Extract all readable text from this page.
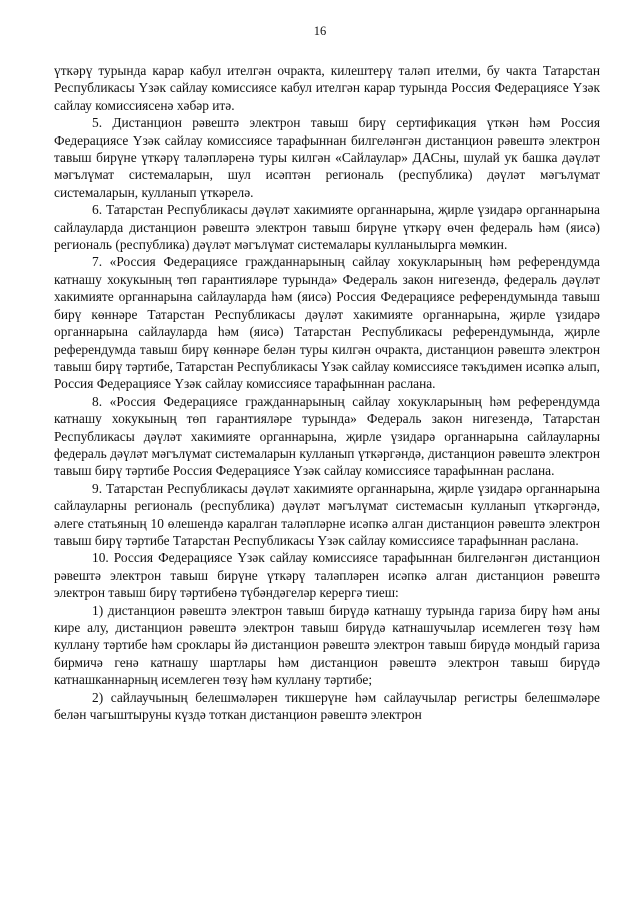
16

үткәрү турында карар кабул ителгән очракта, килештерү таләп ителми, бу чакта Татарстан Республикасы Үзәк сайлау комиссиясе кабул ителгән карар турында Россия Федерациясе Үзәк сайлау комиссиясенә хәбәр итә.

5. Дистанцион рәвештә электрон тавыш бирү сертификация үткән һәм Россия Федерациясе Үзәк сайлау комиссиясе тарафыннан билгеләнгән дистанцион рәвештә электрон тавыш бирүне үткәрү таләпләренә туры килгән «Сайлаулар» ДАСны, шулай ук башка дәүләт мәгълүмат системаларын, шул исәптән региональ (республика) дәүләт мәгълүмат системаларын, кулланып үткәрелә.

6. Татарстан Республикасы дәүләт хакимияте органнарына, җирле үзидарә органнарына сайлауларда дистанцион рәвештә электрон тавыш бирүне үткәрү өчен федераль һәм (яисә) региональ (республика) дәүләт мәгълүмат системалары кулланылырга мөмкин.

7. «Россия Федерациясе гражданнарының сайлау хокукларының һәм референдумда катнашу хокукының төп гарантияләре турында» Федераль закон нигезендә, федераль дәүләт хакимияте органнарына сайлауларда һәм (яисә) Россия Федерациясе референдумында тавыш бирү көннәре Татарстан Республикасы дәүләт хакимияте органнарына, җирле үзидарә органнарына сайлауларда һәм (яисә) Татарстан Республикасы референдумында, җирле референдумда тавыш бирү көннәре белән туры килгән очракта, дистанцион рәвештә электрон тавыш бирү тәртибе, Татарстан Республикасы Үзәк сайлау комиссиясе тәкъдимен исәпкә алып, Россия Федерациясе Үзәк сайлау комиссиясе тарафыннан раслана.

8. «Россия Федерациясе гражданнарының сайлау хокукларының һәм референдумда катнашу хокукының төп гарантияләре турында» Федераль закон нигезендә, Татарстан Республикасы дәүләт хакимияте органнарына, җирле үзидарә органнарына сайлауларны федераль дәүләт мәгълүмат системаларын кулланып үткәргәндә, дистанцион рәвештә электрон тавыш бирү тәртибе Россия Федерациясе Үзәк сайлау комиссиясе тарафыннан раслана.

9. Татарстан Республикасы дәүләт хакимияте органнарына, җирле үзидарә органнарына сайлауларны региональ (республика) дәүләт мәгълүмат системасын кулланып үткәргәндә, әлеге статьяның 10 өлешендә каралган таләпләрне исәпкә алган дистанцион рәвештә электрон тавыш бирү тәртибе Татарстан Республикасы Үзәк сайлау комиссиясе тарафыннан раслана.

10. Россия Федерациясе Үзәк сайлау комиссиясе тарафыннан билгеләнгән дистанцион рәвештә электрон тавыш бирүне үткәрү таләпләрен исәпкә алган дистанцион рәвештә электрон тавыш бирү тәртибенә түбәндәгеләр керергә тиеш:

1) дистанцион рәвештә электрон тавыш бирүдә катнашу турында гариза бирү һәм аны кире алу, дистанцион рәвештә электрон тавыш бирүдә катнашучылар исемлеген төзү һәм куллану тәртибе һәм сроклары йә дистанцион рәвештә электрон тавыш бирүдә мондый гариза бирмичә генә катнашу шартлары һәм дистанцион рәвештә электрон тавыш бирүдә катнашканнарның исемлеген төзү һәм куллану тәртибе;

2) сайлаучының белешмәләрен тикшерүне һәм сайлаучылар регистры белешмәләре белән чагыштыруны күздә тоткан дистанцион рәвештә электрон
